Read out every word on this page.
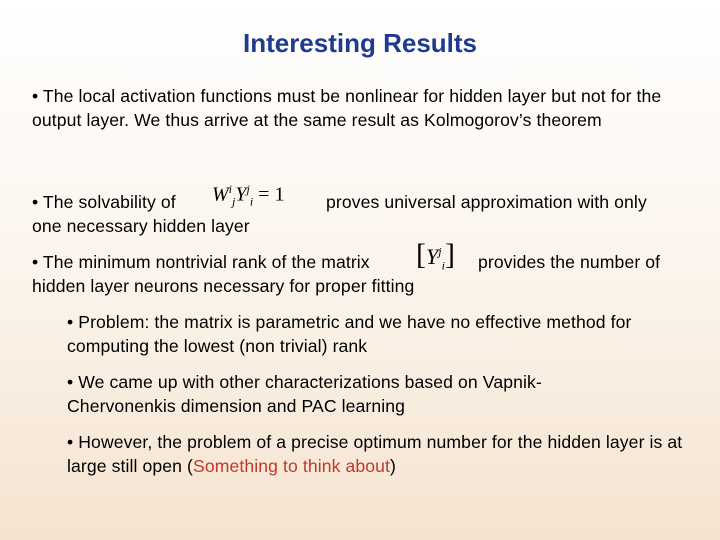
Interesting Results
• The local activation functions must be nonlinear for hidden layer but not for the output layer. We thus arrive at the same result as Kolmogorov’s theorem
• The solvability of $W^i_jY^j_i = 1$ proves universal approximation with only
one necessary hidden layer
• The minimum nontrivial rank of the matrix $[Y^j_i]$ provides the number of
hidden layer neurons necessary for proper fitting
• Problem: the matrix is parametric and we have no effective method for computing the lowest (non trivial) rank
• We came up with other characterizations based on Vapnik-Chervonenkis dimension and PAC learning
• However, the problem of a precise optimum number for the hidden layer is at large still open (Something to think about)
